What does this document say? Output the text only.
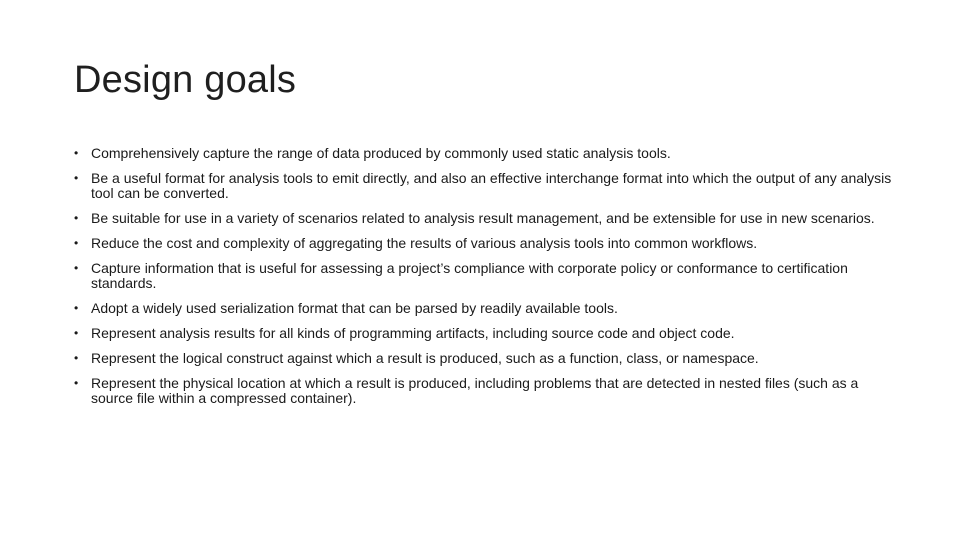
Design goals
• Comprehensively capture the range of data produced by commonly used static analysis tools.
• Be a useful format for analysis tools to emit directly, and also an effective interchange format into which the output of any analysis tool can be converted.
• Be suitable for use in a variety of scenarios related to analysis result management, and be extensible for use in new scenarios.
• Reduce the cost and complexity of aggregating the results of various analysis tools into common workflows.
• Capture information that is useful for assessing a project’s compliance with corporate policy or conformance to certification standards.
• Adopt a widely used serialization format that can be parsed by readily available tools.
• Represent analysis results for all kinds of programming artifacts, including source code and object code.
• Represent the logical construct against which a result is produced, such as a function, class, or namespace.
• Represent the physical location at which a result is produced, including problems that are detected in nested files (such as a source file within a compressed container).
